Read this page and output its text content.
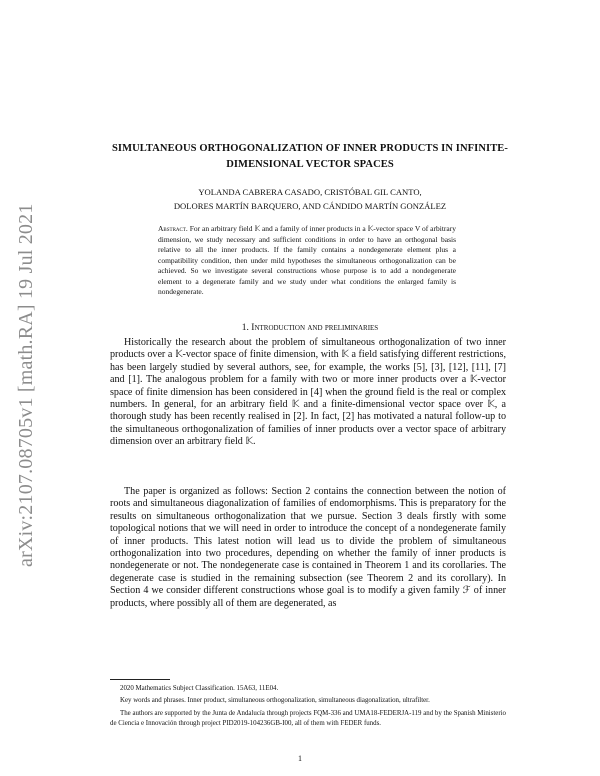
arXiv:2107.08705v1 [math.RA] 19 Jul 2021
SIMULTANEOUS ORTHOGONALIZATION OF INNER PRODUCTS IN INFINITE-DIMENSIONAL VECTOR SPACES
YOLANDA CABRERA CASADO, CRISTÓBAL GIL CANTO,
DOLORES MARTÍN BARQUERO, AND CÁNDIDO MARTÍN GONZÁLEZ
Abstract. For an arbitrary field 𝕂 and a family of inner products in a 𝕂-vector space V of arbitrary dimension, we study necessary and sufficient conditions in order to have an orthogonal basis relative to all the inner products. If the family contains a nondegenerate element plus a compatibility condition, then under mild hypotheses the simultaneous orthogonalization can be achieved. So we investigate several constructions whose purpose is to add a nondegenerate element to a degenerate family and we study under what conditions the enlarged family is nondegenerate.
1. Introduction and preliminaries

Historically the research about the problem of simultaneous orthogonalization of two inner products over a 𝕂-vector space of finite dimension, with 𝕂 a field satisfying different restrictions, has been largely studied by several authors, see, for example, the works [5], [3], [12], [11], [7] and [1]. The analogous problem for a family with two or more inner products over a 𝕂-vector space of finite dimension has been considered in [4] when the ground field is the real or complex numbers. In general, for an arbitrary field 𝕂 and a finite-dimensional vector space over 𝕂, a thorough study has been recently realised in [2]. In fact, [2] has motivated a natural follow-up to the simultaneous orthogonalization of families of inner products over a vector space of arbitrary dimension over an arbitrary field 𝕂.

The paper is organized as follows: Section 2 contains the connection between the notion of roots and simultaneous diagonalization of families of endomorphisms. This is preparatory for the results on simultaneous orthogonalization that we pursue. Section 3 deals firstly with some topological notions that we will need in order to introduce the concept of a nondegenerate family of inner products. This latest notion will lead us to divide the problem of simultaneous orthogonalization into two procedures, depending on whether the family of inner products is nondegenerate or not. The nondegenerate case is contained in Theorem 1 and its corollaries. The degenerate case is studied in the remaining subsection (see Theorem 2 and its corollary). In Section 4 we consider different constructions whose goal is to modify a given family ℱ of inner products, where possibly all of them are degenerated, as

2020 Mathematics Subject Classification. 15A63, 11E04.

Key words and phrases. Inner product, simultaneous orthogonalization, simultaneous diagonalization, ultrafilter.

The authors are supported by the Junta de Andalucía through projects FQM-336 and UMA18-FEDERJA-119 and by the Spanish Ministerio de Ciencia e Innovación through project PID2019-104236GB-I00, all of them with FEDER funds.

1
